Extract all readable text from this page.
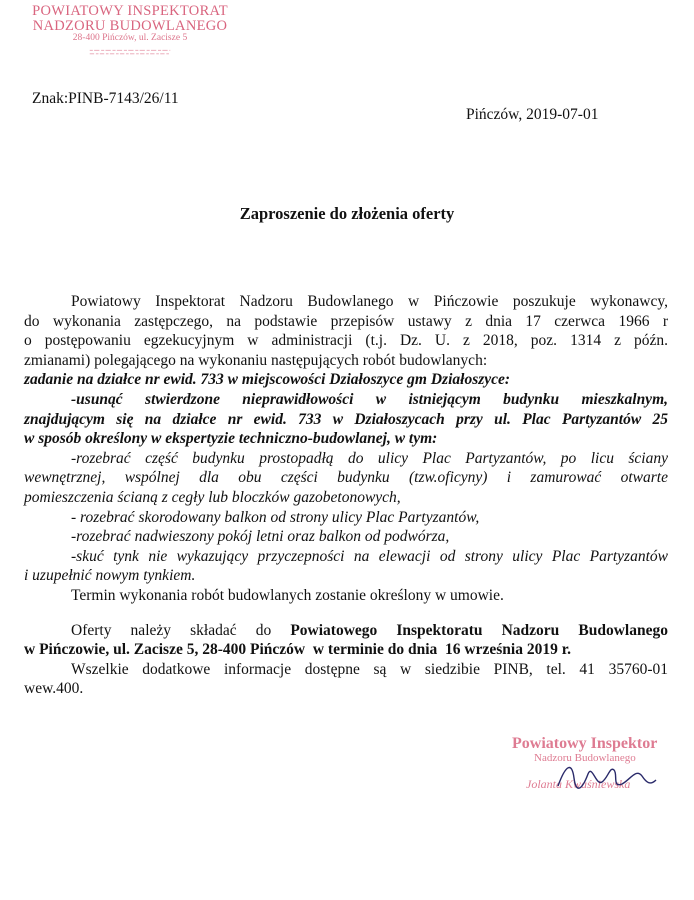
POWIATOWY INSPEKTORAT
NADZORU BUDOWLANEGO
28-400 Pińczów, ul. Zacisze 5
Znak:PINB-7143/26/11
Pińczów, 2019-07-01
Zaproszenie do złożenia oferty

Powiatowy Inspektorat Nadzoru Budowlanego w Pińczowie poszukuje wykonawcy,

do wykonania zastępczego, na podstawie przepisów ustawy z dnia 17 czerwca 1966 r

o postępowaniu egzekucyjnym w administracji (t.j. Dz. U. z 2018, poz. 1314 z późn.

zmianami) polegającego na wykonaniu następujących robót budowlanych:

zadanie na działce nr ewid. 733 w miejscowości Działoszyce gm Działoszyce:

-usunąć stwierdzone nieprawidłowości w istniejącym budynku mieszkalnym,

znajdującym się na działce nr ewid. 733 w Działoszycach przy ul. Plac Partyzantów 25

w sposób określony w ekspertyzie techniczno-budowlanej, w tym:

-rozebrać część budynku prostopadłą do ulicy Plac Partyzantów, po licu ściany

wewnętrznej, wspólnej dla obu części budynku (tzw.oficyny) i zamurować otwarte

pomieszczenia ścianą z cegły lub bloczków gazobetonowych,

- rozebrać skorodowany balkon od strony ulicy Plac Partyzantów,

-rozebrać nadwieszony pokój letni oraz balkon od podwórza,

-skuć tynk nie wykazujący przyczepności na elewacji od strony ulicy Plac Partyzantów

i uzupełnić nowym tynkiem.

Termin wykonania robót budowlanych zostanie określony w umowie.

Oferty należy składać do Powiatowego Inspektoratu Nadzoru Budowlanego

w Pińczowie, ul. Zacisze 5, 28-400 Pińczów w terminie do dnia 16 września 2019 r.

Wszelkie dodatkowe informacje dostępne są w siedzibie PINB, tel. 41 35760-01

wew.400.

Powiatowy Inspektor
Nadzoru Budowlanego
Jolanta Kwaśniewska
